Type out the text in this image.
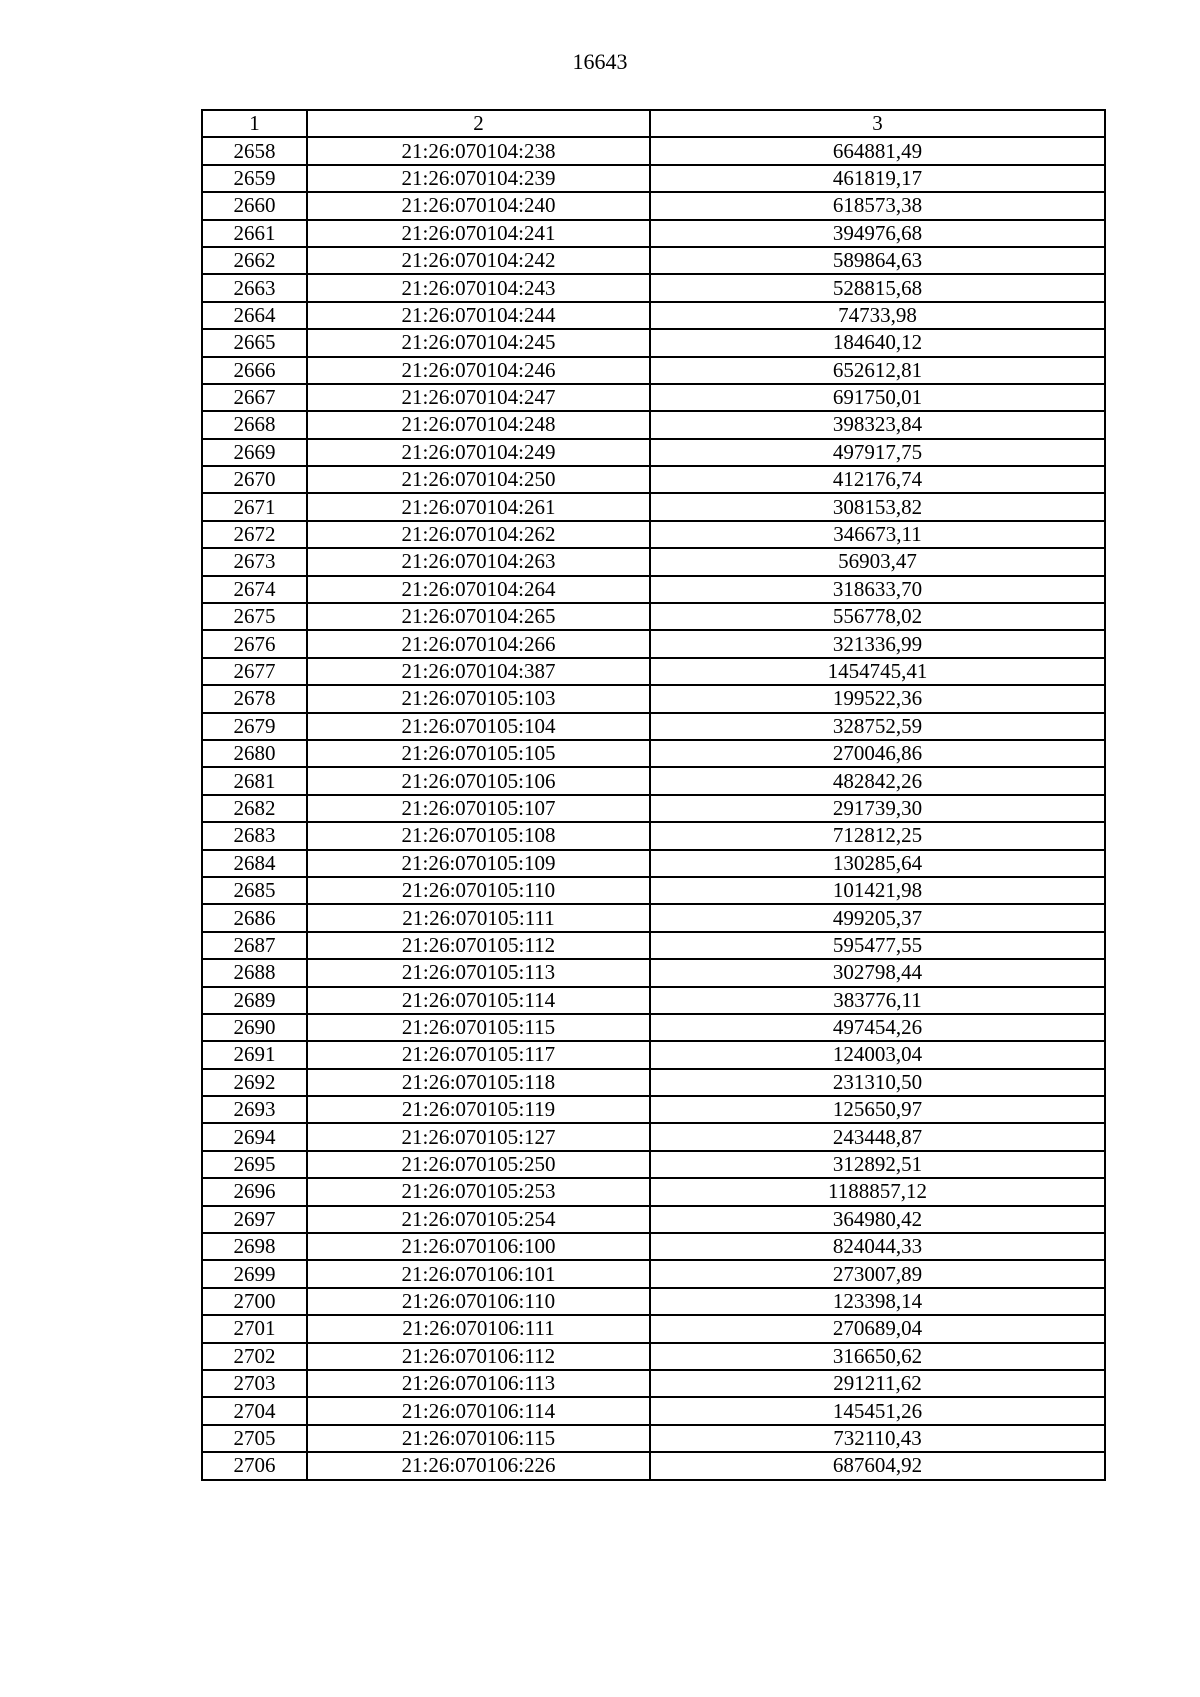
16643
1	2	3
2658	21:26:070104:238	664881,49
2659	21:26:070104:239	461819,17
2660	21:26:070104:240	618573,38
2661	21:26:070104:241	394976,68
2662	21:26:070104:242	589864,63
2663	21:26:070104:243	528815,68
2664	21:26:070104:244	74733,98
2665	21:26:070104:245	184640,12
2666	21:26:070104:246	652612,81
2667	21:26:070104:247	691750,01
2668	21:26:070104:248	398323,84
2669	21:26:070104:249	497917,75
2670	21:26:070104:250	412176,74
2671	21:26:070104:261	308153,82
2672	21:26:070104:262	346673,11
2673	21:26:070104:263	56903,47
2674	21:26:070104:264	318633,70
2675	21:26:070104:265	556778,02
2676	21:26:070104:266	321336,99
2677	21:26:070104:387	1454745,41
2678	21:26:070105:103	199522,36
2679	21:26:070105:104	328752,59
2680	21:26:070105:105	270046,86
2681	21:26:070105:106	482842,26
2682	21:26:070105:107	291739,30
2683	21:26:070105:108	712812,25
2684	21:26:070105:109	130285,64
2685	21:26:070105:110	101421,98
2686	21:26:070105:111	499205,37
2687	21:26:070105:112	595477,55
2688	21:26:070105:113	302798,44
2689	21:26:070105:114	383776,11
2690	21:26:070105:115	497454,26
2691	21:26:070105:117	124003,04
2692	21:26:070105:118	231310,50
2693	21:26:070105:119	125650,97
2694	21:26:070105:127	243448,87
2695	21:26:070105:250	312892,51
2696	21:26:070105:253	1188857,12
2697	21:26:070105:254	364980,42
2698	21:26:070106:100	824044,33
2699	21:26:070106:101	273007,89
2700	21:26:070106:110	123398,14
2701	21:26:070106:111	270689,04
2702	21:26:070106:112	316650,62
2703	21:26:070106:113	291211,62
2704	21:26:070106:114	145451,26
2705	21:26:070106:115	732110,43
2706	21:26:070106:226	687604,92
